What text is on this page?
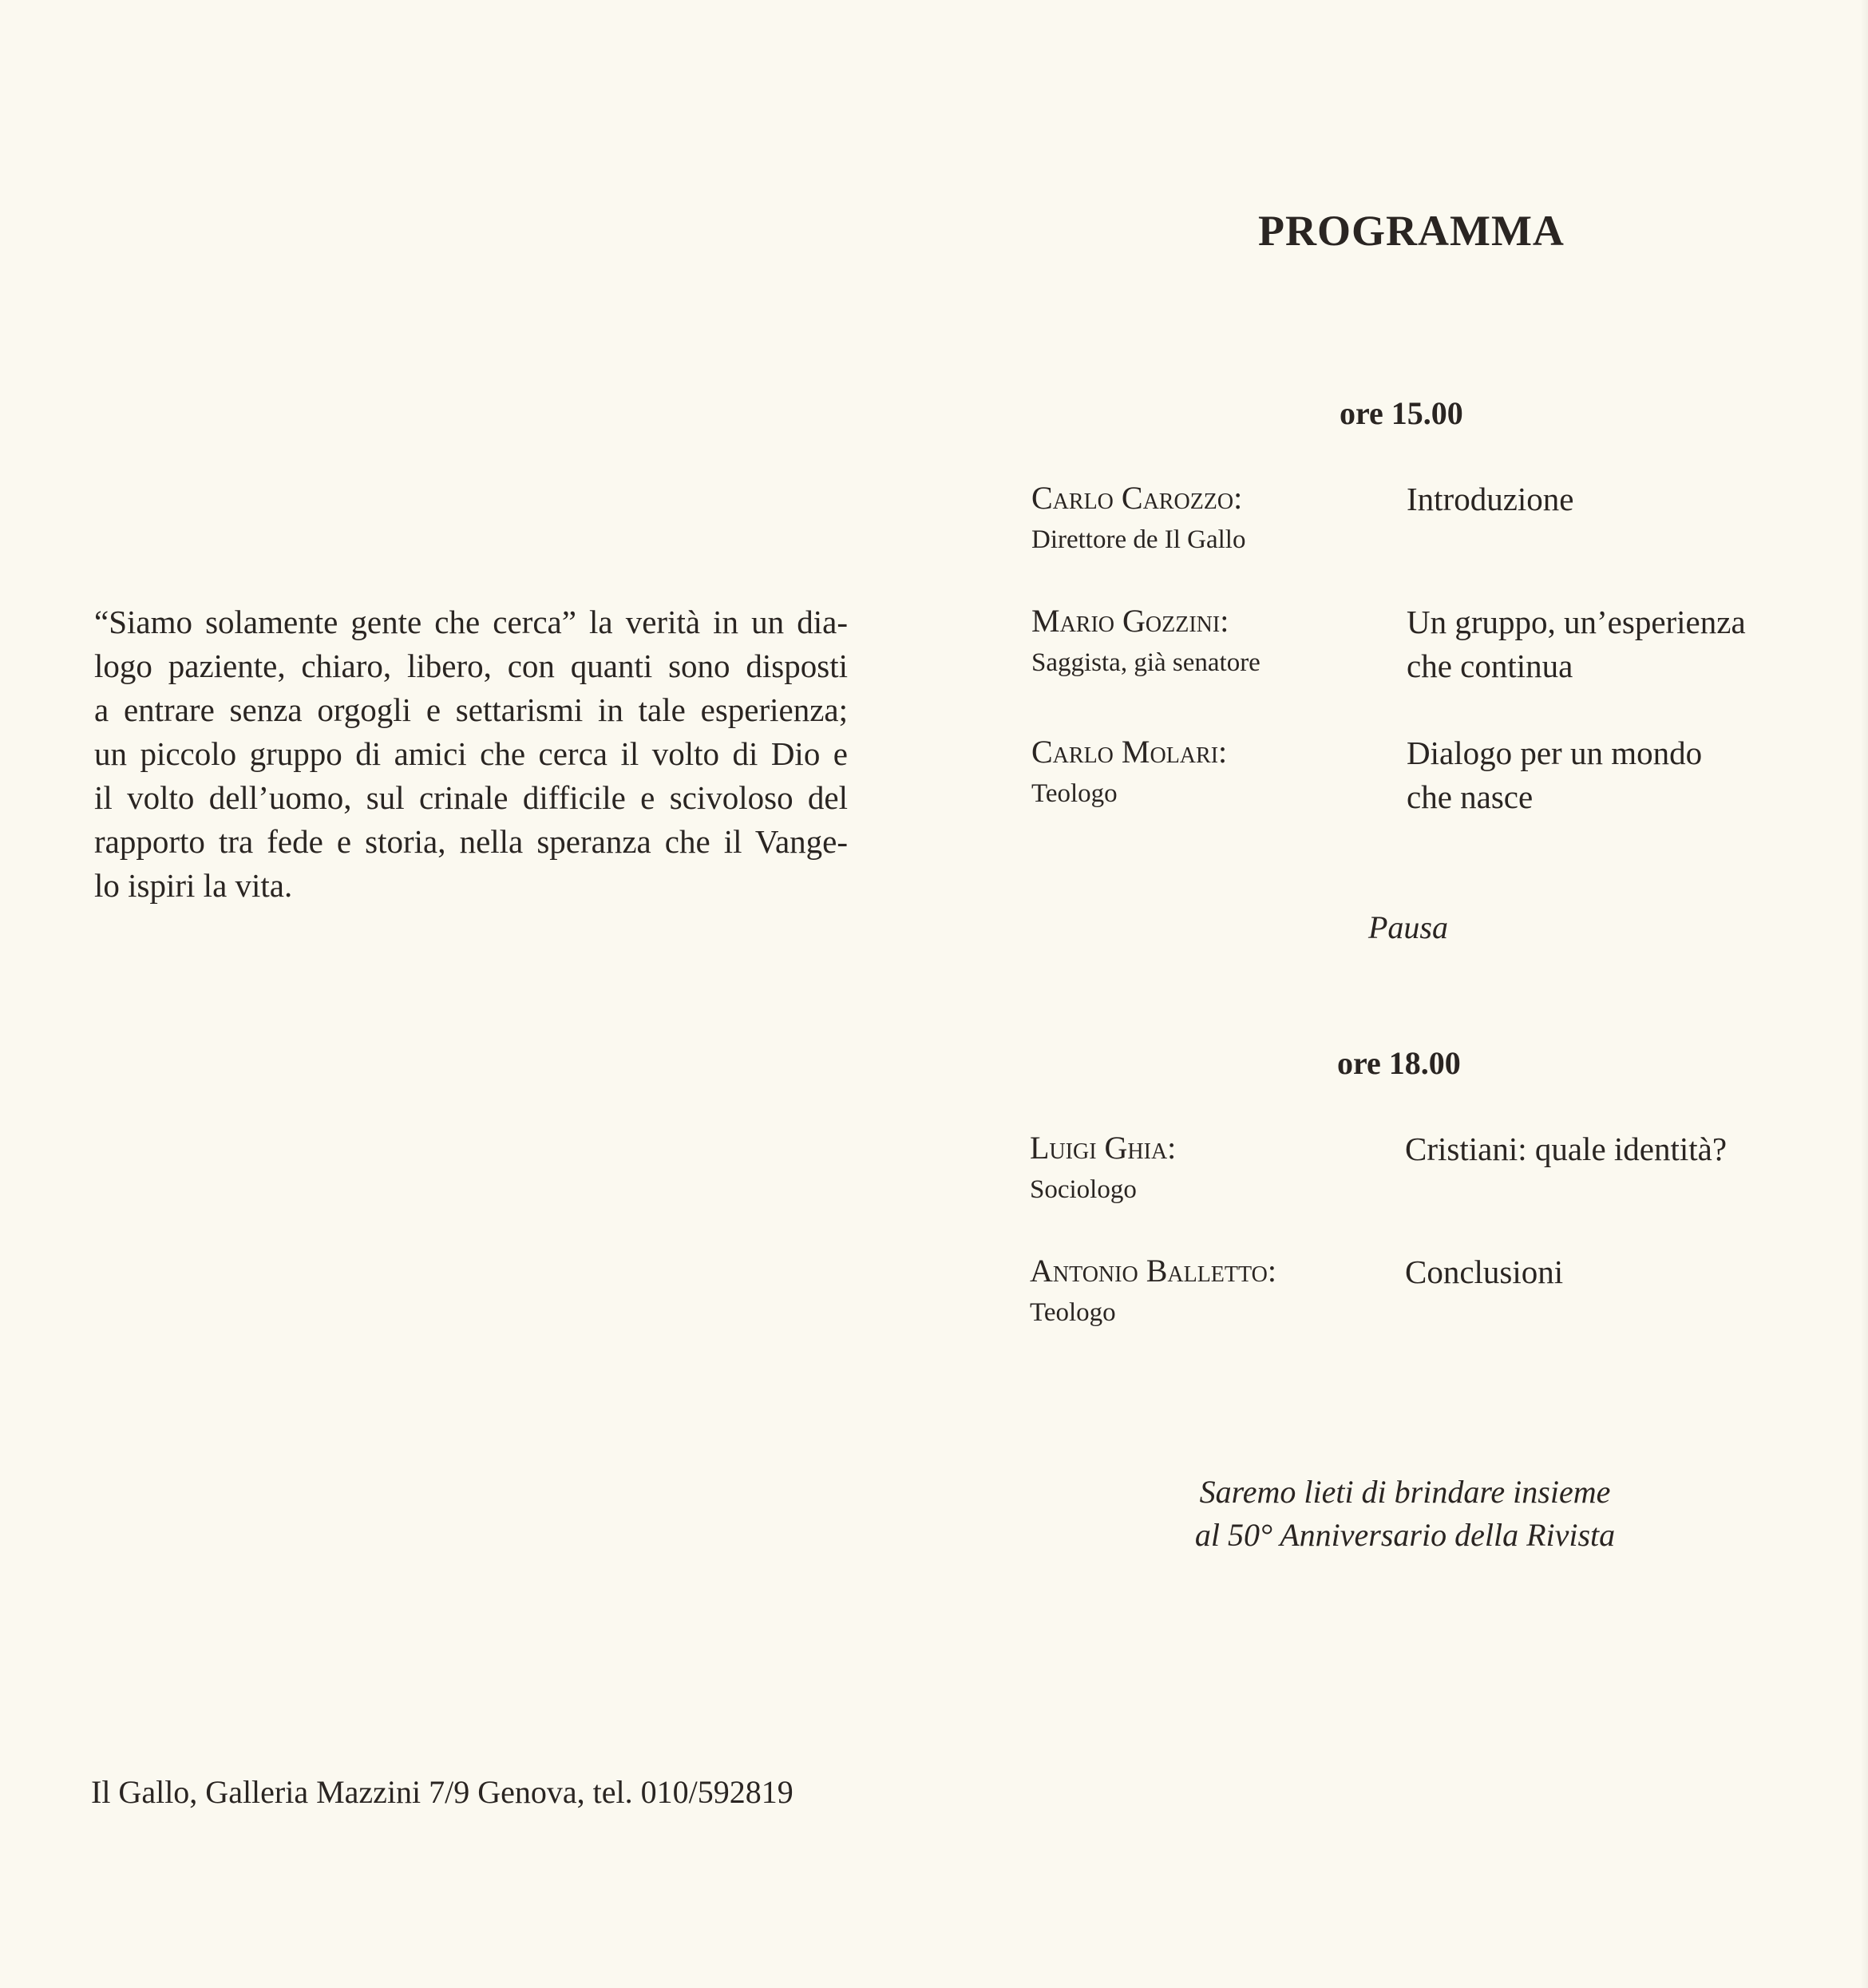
“Siamo solamente gente che cerca” la verità in un dia-
logo paziente, chiaro, libero, con quanti sono disposti
a entrare senza orgogli e settarismi in tale esperienza;
un piccolo gruppo di amici che cerca il volto di Dio e
il volto dell’uomo, sul crinale difficile e scivoloso del
rapporto tra fede e storia, nella speranza che il Vange-
lo ispiri la vita.
Il Gallo, Galleria Mazzini 7/9 Genova, tel. 010/592819
PROGRAMMA
ore 15.00
Carlo Carozzo:
Direttore de Il Gallo
Introduzione
Mario Gozzini:
Saggista, già senatore
Un gruppo, un’esperienza
che continua
Carlo Molari:
Teologo
Dialogo per un mondo
che nasce
Pausa
ore 18.00
Luigi Ghia:
Sociologo
Cristiani: quale identità?
Antonio Balletto:
Teologo
Conclusioni
Saremo lieti di brindare insieme
al 50° Anniversario della Rivista
